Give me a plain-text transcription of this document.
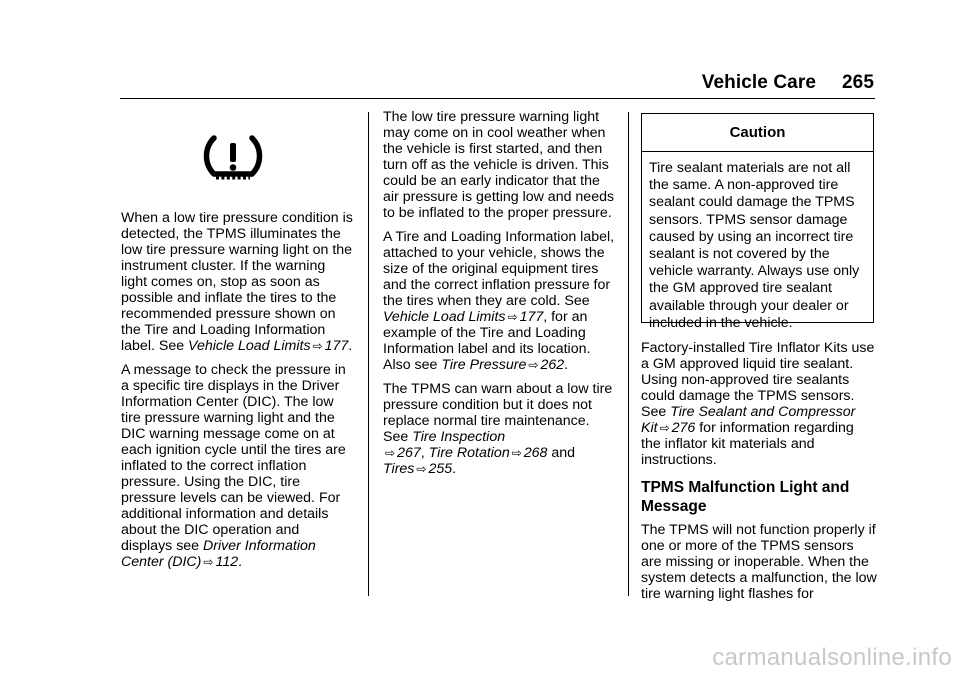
Vehicle Care 265

When a low tire pressure condition is detected, the TPMS illuminates the low tire pressure warning light on the instrument cluster. If the warning light comes on, stop as soon as possible and inflate the tires to the recommended pressure shown on the Tire and Loading Information label. See Vehicle Load Limits ⇨ 177.

A message to check the pressure in a specific tire displays in the Driver Information Center (DIC). The low tire pressure warning light and the DIC warning message come on at each ignition cycle until the tires are inflated to the correct inflation pressure. Using the DIC, tire pressure levels can be viewed. For additional information and details about the DIC operation and displays see Driver Information Center (DIC) ⇨ 112.

The low tire pressure warning light may come on in cool weather when the vehicle is first started, and then turn off as the vehicle is driven. This could be an early indicator that the air pressure is getting low and needs to be inflated to the proper pressure.

A Tire and Loading Information label, attached to your vehicle, shows the size of the original equipment tires and the correct inflation pressure for the tires when they are cold. See Vehicle Load Limits ⇨ 177, for an example of the Tire and Loading Information label and its location. Also see Tire Pressure ⇨ 262.

The TPMS can warn about a low tire pressure condition but it does not replace normal tire maintenance. See Tire Inspection
⇨ 267, Tire Rotation ⇨ 268 and
Tires ⇨ 255.

Caution
Tire sealant materials are not all the same. A non-approved tire sealant could damage the TPMS sensors. TPMS sensor damage caused by using an incorrect tire sealant is not covered by the vehicle warranty. Always use only the GM approved tire sealant available through your dealer or included in the vehicle.

Factory-installed Tire Inflator Kits use a GM approved liquid tire sealant. Using non-approved tire sealants could damage the TPMS sensors. See Tire Sealant and Compressor Kit ⇨ 276 for information regarding the inflator kit materials and instructions.

TPMS Malfunction Light and Message

The TPMS will not function properly if one or more of the TPMS sensors are missing or inoperable. When the system detects a malfunction, the low tire warning light flashes for

carmanualsonline.info
